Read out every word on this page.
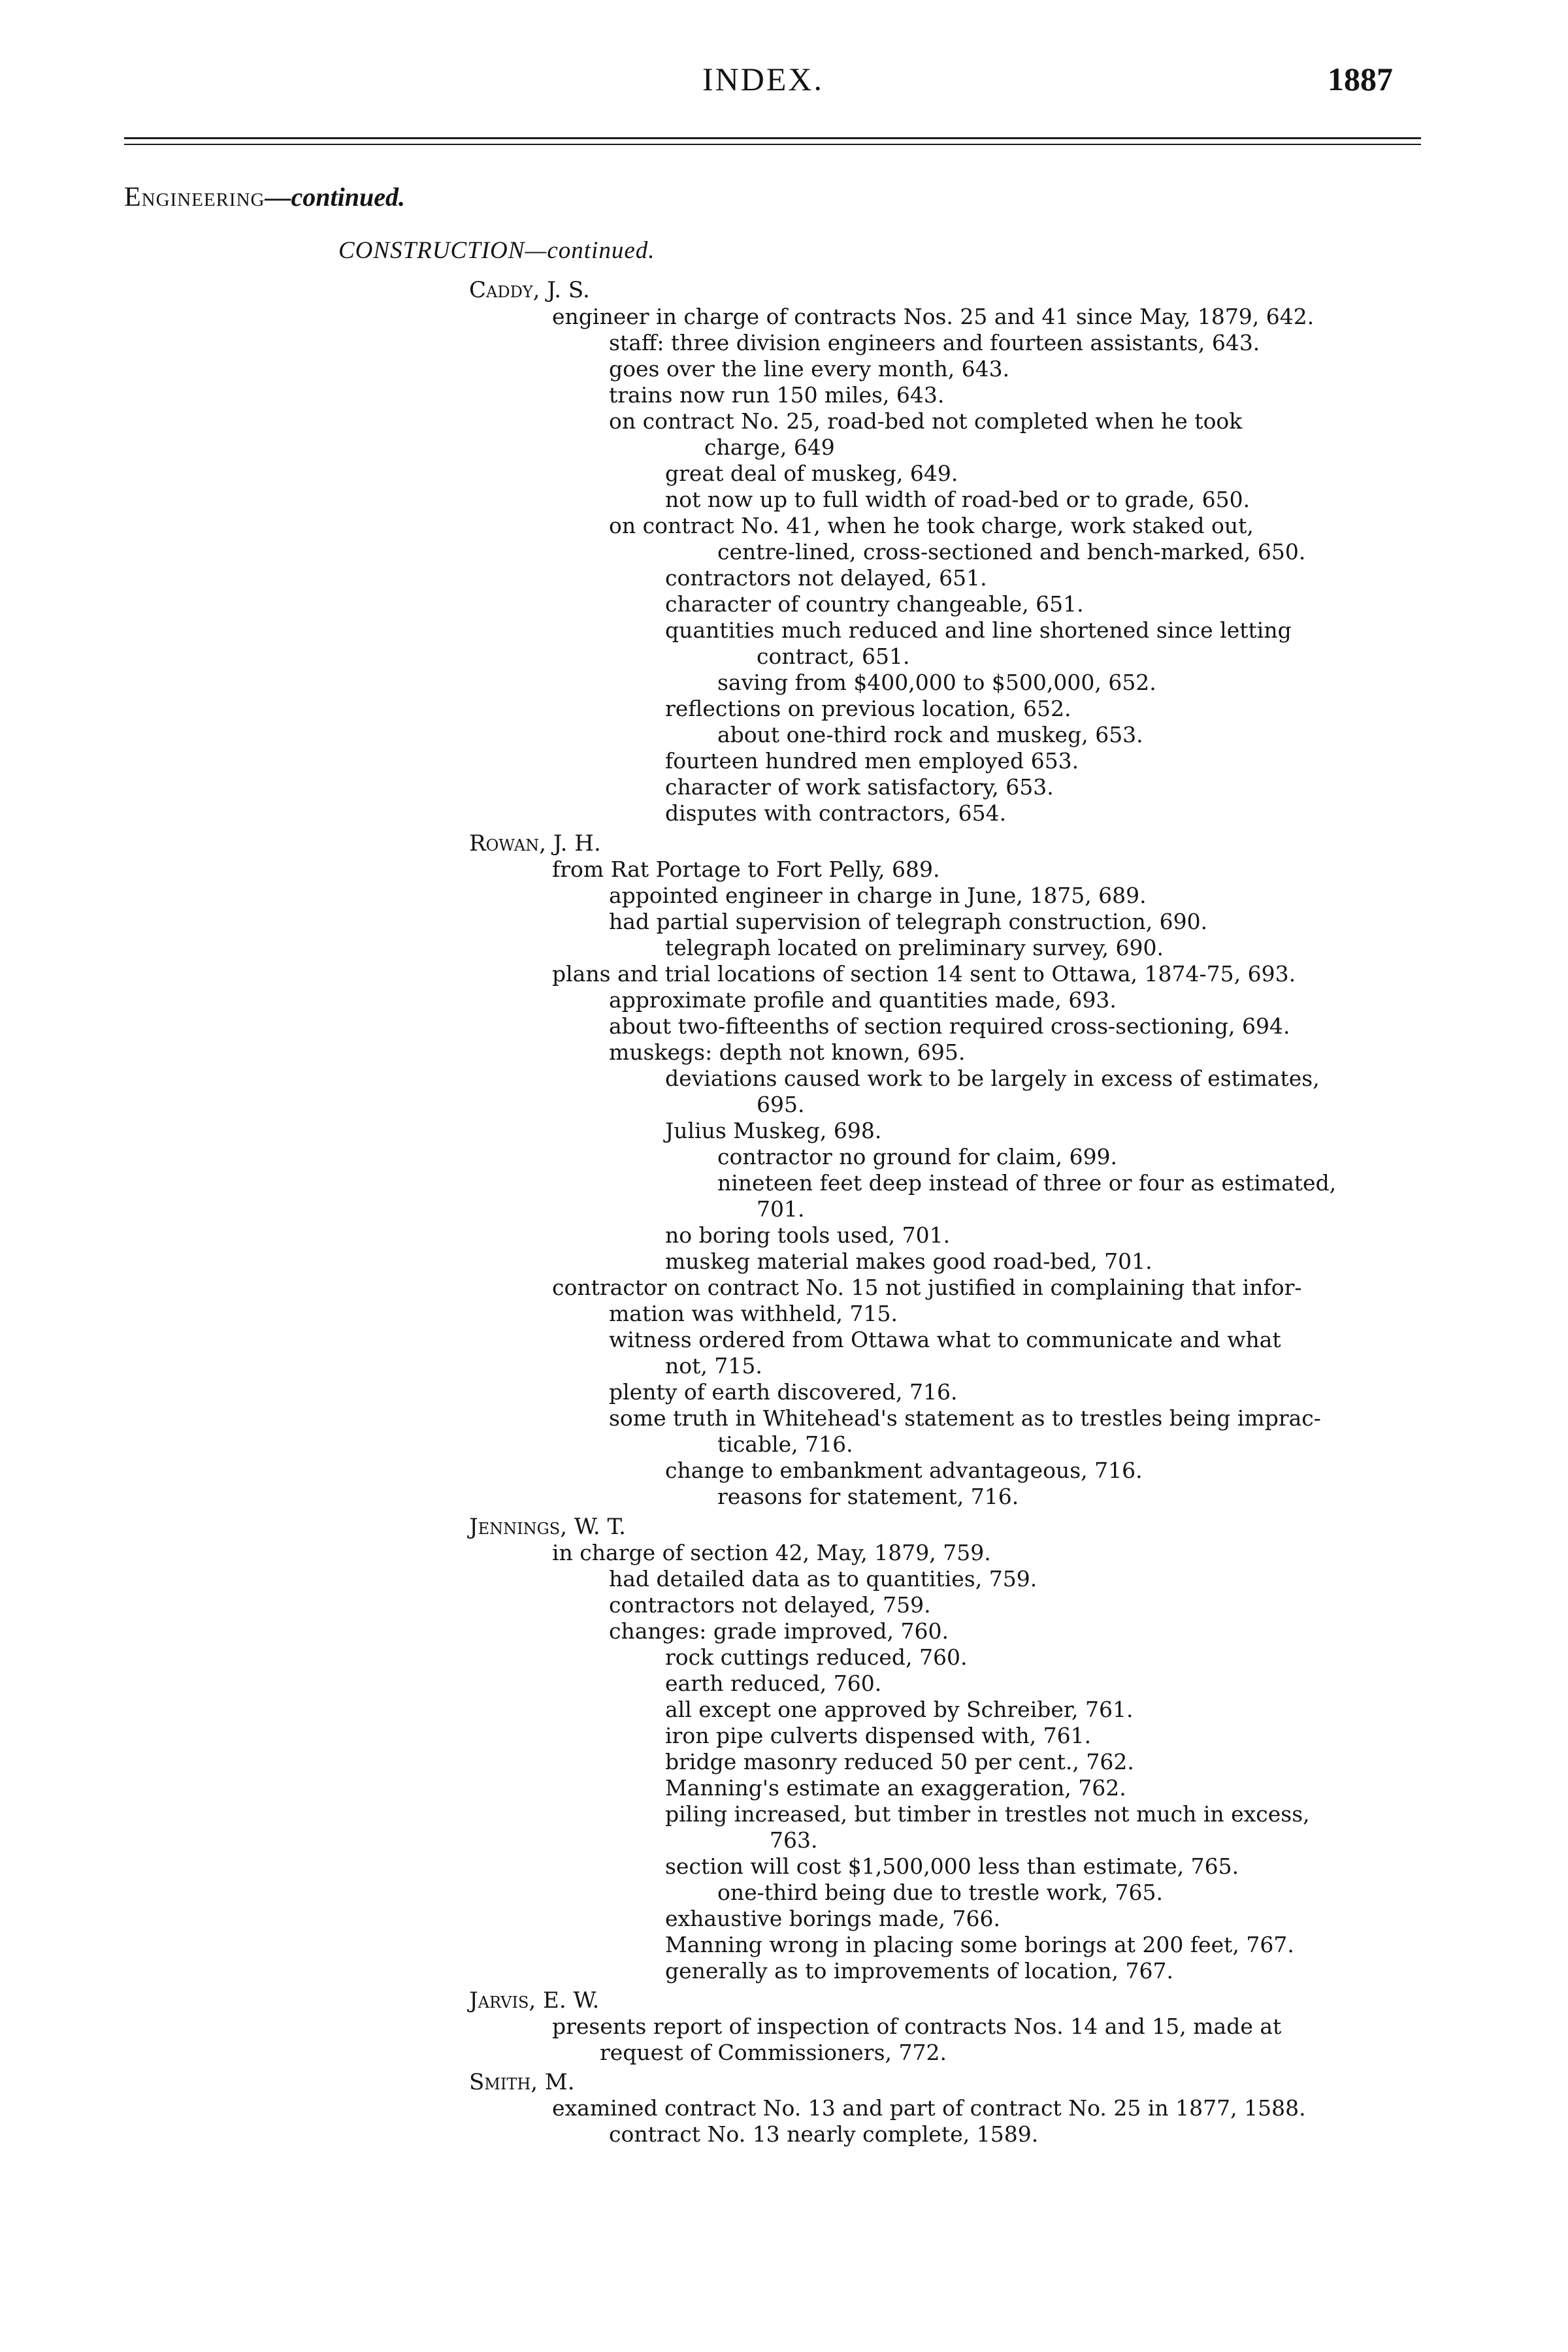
INDEX.	1887
Engineering—continued.
CONSTRUCTION—continued.
Caddy, J. S.
engineer in charge of contracts Nos. 25 and 41 since May, 1879, 642.
staff: three division engineers and fourteen assistants, 643.
goes over the line every month, 643.
trains now run 150 miles, 643.
on contract No. 25, road-bed not completed when he took
charge, 649
great deal of muskeg, 649.
not now up to full width of road-bed or to grade, 650.
on contract No. 41, when he took charge, work staked out,
centre-lined, cross-sectioned and bench-marked, 650.
contractors not delayed, 651.
character of country changeable, 651.
quantities much reduced and line shortened since letting
contract, 651.
saving from $400,000 to $500,000, 652.
reflections on previous location, 652.
about one-third rock and muskeg, 653.
fourteen hundred men employed 653.
character of work satisfactory, 653.
disputes with contractors, 654.
Rowan, J. H.
from Rat Portage to Fort Pelly, 689.
appointed engineer in charge in June, 1875, 689.
had partial supervision of telegraph construction, 690.
telegraph located on preliminary survey, 690.
plans and trial locations of section 14 sent to Ottawa, 1874-75, 693.
approximate profile and quantities made, 693.
about two-fifteenths of section required cross-sectioning, 694.
muskegs: depth not known, 695.
deviations caused work to be largely in excess of estimates,
695.
Julius Muskeg, 698.
contractor no ground for claim, 699.
nineteen feet deep instead of three or four as estimated,
701.
no boring tools used, 701.
muskeg material makes good road-bed, 701.
contractor on contract No. 15 not justified in complaining that infor-
mation was withheld, 715.
witness ordered from Ottawa what to communicate and what
not, 715.
plenty of earth discovered, 716.
some truth in Whitehead's statement as to trestles being imprac-
ticable, 716.
change to embankment advantageous, 716.
reasons for statement, 716.
Jennings, W. T.
in charge of section 42, May, 1879, 759.
had detailed data as to quantities, 759.
contractors not delayed, 759.
changes: grade improved, 760.
rock cuttings reduced, 760.
earth reduced, 760.
all except one approved by Schreiber, 761.
iron pipe culverts dispensed with, 761.
bridge masonry reduced 50 per cent., 762.
Manning's estimate an exaggeration, 762.
piling increased, but timber in trestles not much in excess,
763.
section will cost $1,500,000 less than estimate, 765.
one-third being due to trestle work, 765.
exhaustive borings made, 766.
Manning wrong in placing some borings at 200 feet, 767.
generally as to improvements of location, 767.
Jarvis, E. W.
presents report of inspection of contracts Nos. 14 and 15, made at
request of Commissioners, 772.
Smith, M.
examined contract No. 13 and part of contract No. 25 in 1877, 1588.
contract No. 13 nearly complete, 1589.
